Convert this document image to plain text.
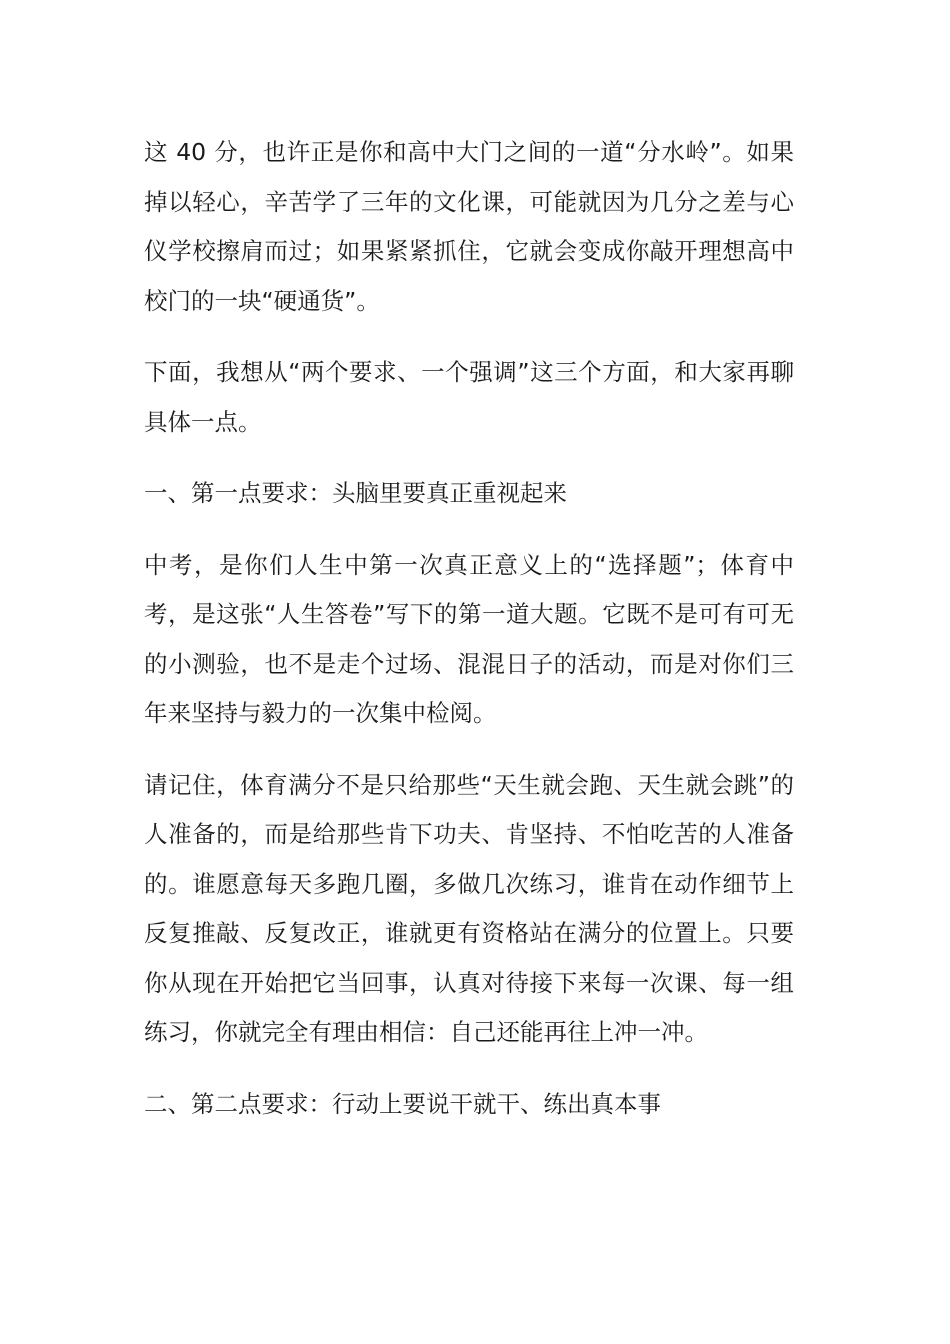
这 40 分，也许正是你和高中大门之间的一道“分水岭”。如果掉以轻心，辛苦学了三年的文化课，可能就因为几分之差与心仪学校擦肩而过；如果紧紧抓住，它就会变成你敲开理想高中校门的一块“硬通货”。

下面，我想从“两个要求、一个强调”这三个方面，和大家再聊具体一点。

一、第一点要求：头脑里要真正重视起来

中考，是你们人生中第一次真正意义上的“选择题”；体育中考，是这张“人生答卷”写下的第一道大题。它既不是可有可无的小测验，也不是走个过场、混混日子的活动，而是对你们三年来坚持与毅力的一次集中检阅。

请记住，体育满分不是只给那些“天生就会跑、天生就会跳”的人准备的，而是给那些肯下功夫、肯坚持、不怕吃苦的人准备的。谁愿意每天多跑几圈，多做几次练习，谁肯在动作细节上反复推敲、反复改正，谁就更有资格站在满分的位置上。只要你从现在开始把它当回事，认真对待接下来每一次课、每一组练习，你就完全有理由相信：自己还能再往上冲一冲。

二、第二点要求：行动上要说干就干、练出真本事
